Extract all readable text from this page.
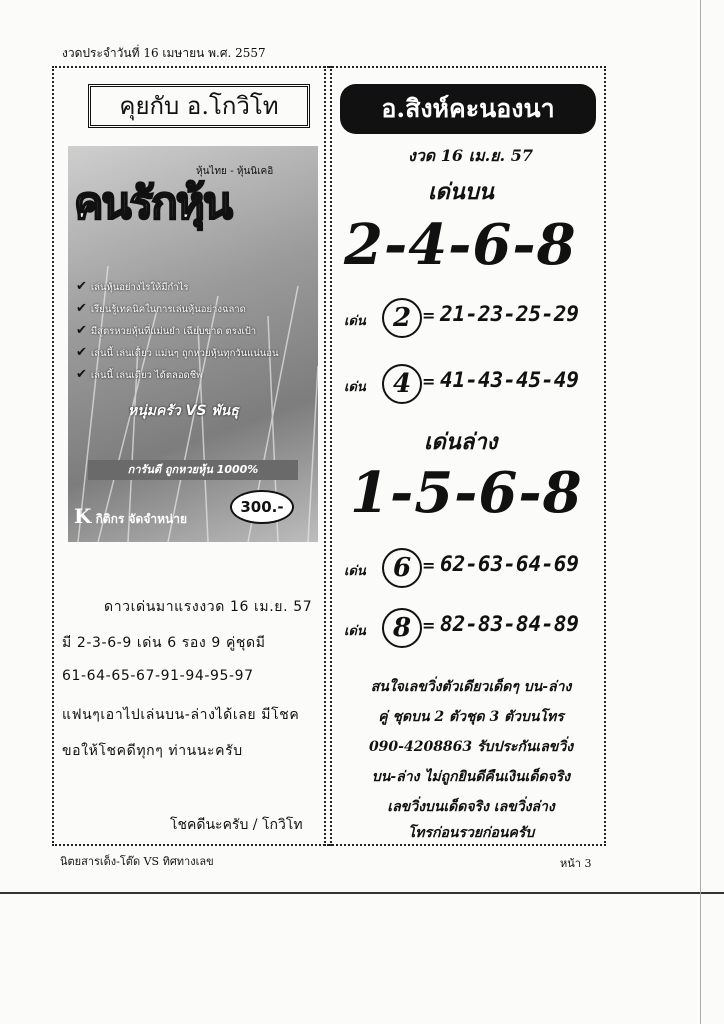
งวดประจำวันที่ 16 เมษายน พ.ศ. 2557
คุยกับ อ.โกวิโท
หุ้นไทย - หุ้นนิเคอิ
คนรักหุ้น
✔ เล่นหุ้นอย่างไรให้มีกำไร
✔ เรียนรู้เทคนิคในการเล่นหุ้นอย่างฉลาด
✔ มีสูตรหวยหุ้นที่แม่นยำ เฉียบขาด ตรงเป้า
✔ เล่นนี้ เล่นเดียว แม่นๆ ถูกหวยหุ้นทุกวันแน่นอน
✔ เล่นนี้ เล่นเดียว ได้ตลอดชีพ
หนุ่มครัว VS พันธุ
การันตี ถูกหวยหุ้น 1000%
K กิติกร จัดจำหน่าย
300.-
ดาวเด่นมาแรงงวด 16 เม.ย. 57
มี 2-3-6-9 เด่น 6 รอง 9 คู่ชุดมี
61-64-65-67-91-94-95-97
แฟนๆเอาไปเล่นบน-ล่างได้เลย มีโชค
ขอให้โชคดีทุกๆ ท่านนะครับ
โชคดีนะครับ / โกวิโท
อ.สิงห์คะนองนา
งวด 16 เม.ย. 57
เด่นบน
2-4-6-8
เด่น	2 = 21-23-25-29
เด่น	4 = 41-43-45-49
เด่นล่าง
1-5-6-8
เด่น	6 = 62-63-64-69
เด่น	8 = 82-83-84-89
สนใจเลขวิ่งตัวเดียวเด็ดๆ บน-ล่าง
คู่ ชุดบน 2 ตัวชุด 3 ตัวบนโทร
090-4208863 รับประกันเลขวิ่ง
บน-ล่าง ไม่ถูกยินดีคืนเงินเด็ดจริง
เลขวิ่งบนเด็ดจริง เลขวิ่งล่าง
โทรก่อนรวยก่อนครับ
นิตยสารเด็ง-โต๊ด VS ทิศทางเลข	หน้า 3
